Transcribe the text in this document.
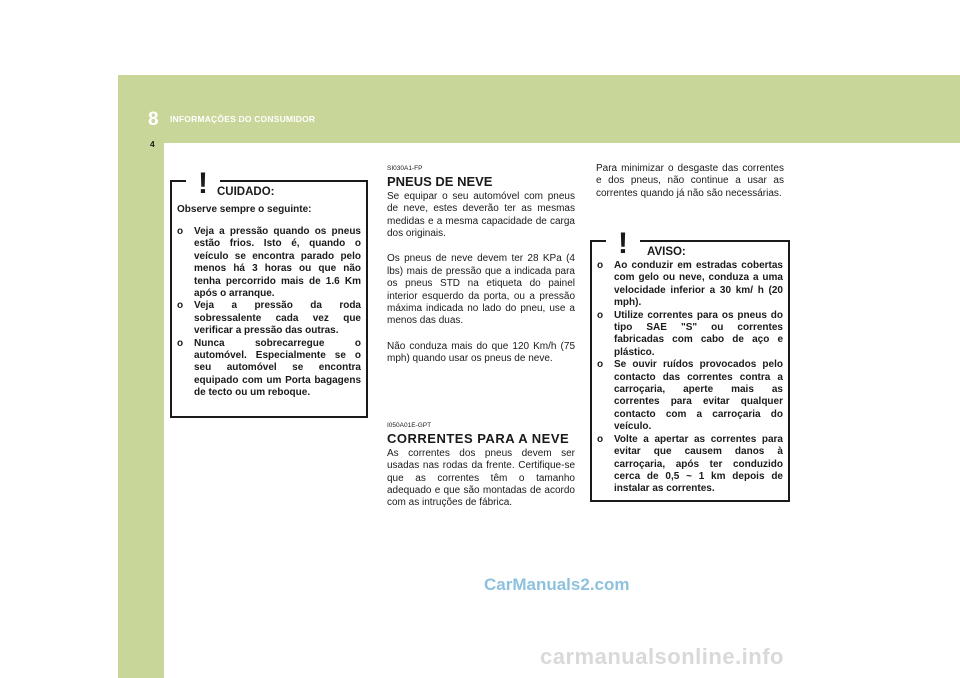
8 INFORMAÇÕES DO CONSUMIDOR
4
! CUIDADO:
Observe sempre o seguinte:
o Veja a pressão quando os pneus estão frios. Isto é, quando o veículo se encontra parado pelo menos há 3 horas ou que não tenha percorrido mais de 1.6 Km após o arranque.
o Veja a pressão da roda sobressalente cada vez que verificar a pressão das outras.
o Nunca sobrecarregue o automóvel. Especialmente se o seu automóvel se encontra equipado com um Porta bagagens de tecto ou um reboque.
SI030A1-FP
PNEUS DE NEVE

Se equipar o seu automóvel com pneus de neve, estes deverão ter as mesmas medidas e a mesma capacidade de carga dos originais.

Os pneus de neve devem ter 28 KPa (4 lbs) mais de pressão que a indicada para os pneus STD na etiqueta do painel interior esquerdo da porta, ou a pressão máxima indicada no lado do pneu, use a menos das duas.

Não conduza mais do que 120 Km/h (75 mph) quando usar os pneus de neve.

I050A01E-GPT
CORRENTES PARA A NEVE

As correntes dos pneus devem ser usadas nas rodas da frente. Certifique-se que as correntes têm o tamanho adequado e que são montadas de acordo com as intruções de fábrica.

Para minimizar o desgaste das correntes e dos pneus, não continue a usar as correntes quando já não são necessárias.

! AVISO:
o Ao conduzir em estradas cobertas com gelo ou neve, conduza a uma velocidade inferior a 30 km/ h (20 mph).
o Utilize correntes para os pneus do tipo SAE "S" ou correntes fabricadas com cabo de aço e plástico.
o Se ouvir ruídos provocados pelo contacto das correntes contra a carroçaria, aperte mais as correntes para evitar qualquer contacto com a carroçaria do veículo.
o Volte a apertar as correntes para evitar que causem danos à carroçaria, após ter conduzido cerca de 0,5 ~ 1 km depois de instalar as correntes.
CarManuals2.com
carmanualsonline.info
